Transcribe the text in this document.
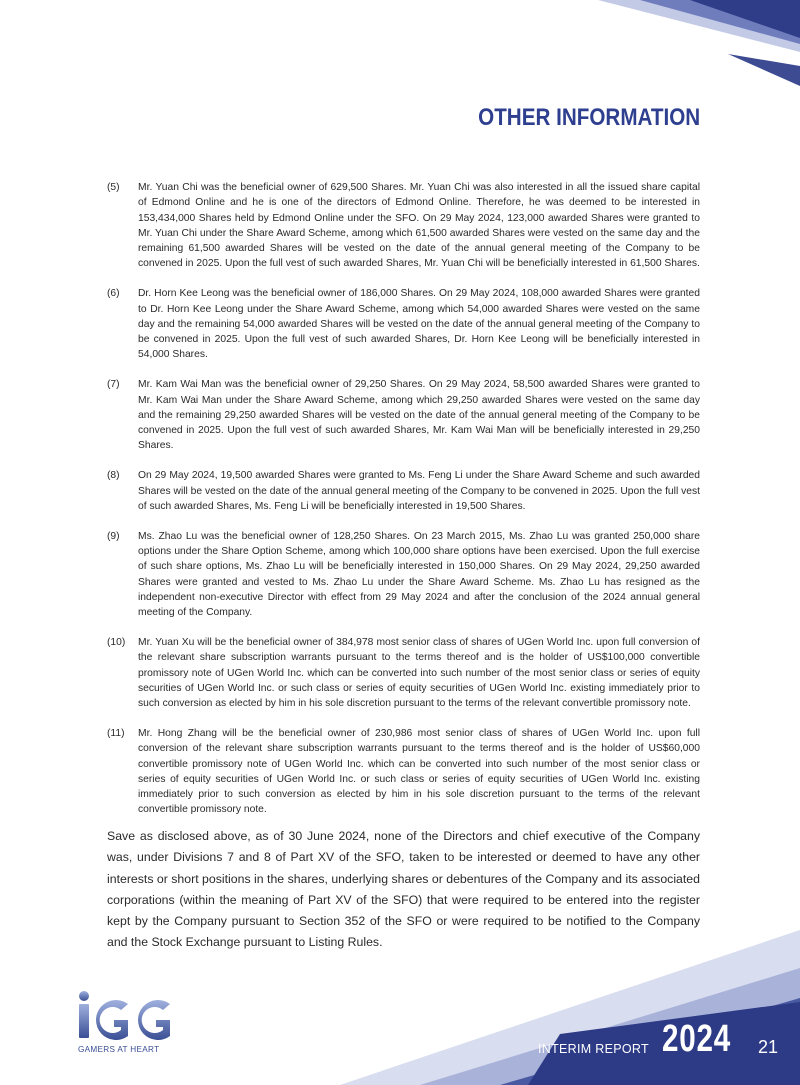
OTHER INFORMATION
(5)	Mr. Yuan Chi was the beneficial owner of 629,500 Shares. Mr. Yuan Chi was also interested in all the issued share capital of Edmond Online and he is one of the directors of Edmond Online. Therefore, he was deemed to be interested in 153,434,000 Shares held by Edmond Online under the SFO. On 29 May 2024, 123,000 awarded Shares were granted to Mr. Yuan Chi under the Share Award Scheme, among which 61,500 awarded Shares were vested on the same day and the remaining 61,500 awarded Shares will be vested on the date of the annual general meeting of the Company to be convened in 2025. Upon the full vest of such awarded Shares, Mr. Yuan Chi will be beneficially interested in 61,500 Shares.
(6)	Dr. Horn Kee Leong was the beneficial owner of 186,000 Shares. On 29 May 2024, 108,000 awarded Shares were granted to Dr. Horn Kee Leong under the Share Award Scheme, among which 54,000 awarded Shares were vested on the same day and the remaining 54,000 awarded Shares will be vested on the date of the annual general meeting of the Company to be convened in 2025. Upon the full vest of such awarded Shares, Dr. Horn Kee Leong will be beneficially interested in 54,000 Shares.
(7)	Mr. Kam Wai Man was the beneficial owner of 29,250 Shares. On 29 May 2024, 58,500 awarded Shares were granted to Mr. Kam Wai Man under the Share Award Scheme, among which 29,250 awarded Shares were vested on the same day and the remaining 29,250 awarded Shares will be vested on the date of the annual general meeting of the Company to be convened in 2025. Upon the full vest of such awarded Shares, Mr. Kam Wai Man will be beneficially interested in 29,250 Shares.
(8)	On 29 May 2024, 19,500 awarded Shares were granted to Ms. Feng Li under the Share Award Scheme and such awarded Shares will be vested on the date of the annual general meeting of the Company to be convened in 2025. Upon the full vest of such awarded Shares, Ms. Feng Li will be beneficially interested in 19,500 Shares.
(9)	Ms. Zhao Lu was the beneficial owner of 128,250 Shares. On 23 March 2015, Ms. Zhao Lu was granted 250,000 share options under the Share Option Scheme, among which 100,000 share options have been exercised. Upon the full exercise of such share options, Ms. Zhao Lu will be beneficially interested in 150,000 Shares. On 29 May 2024, 29,250 awarded Shares were granted and vested to Ms. Zhao Lu under the Share Award Scheme. Ms. Zhao Lu has resigned as the independent non-executive Director with effect from 29 May 2024 and after the conclusion of the 2024 annual general meeting of the Company.
(10)	Mr. Yuan Xu will be the beneficial owner of 384,978 most senior class of shares of UGen World Inc. upon full conversion of the relevant share subscription warrants pursuant to the terms thereof and is the holder of US$100,000 convertible promissory note of UGen World Inc. which can be converted into such number of the most senior class or series of equity securities of UGen World Inc. or such class or series of equity securities of UGen World Inc. existing immediately prior to such conversion as elected by him in his sole discretion pursuant to the terms of the relevant convertible promissory note.
(11)	Mr. Hong Zhang will be the beneficial owner of 230,986 most senior class of shares of UGen World Inc. upon full conversion of the relevant share subscription warrants pursuant to the terms thereof and is the holder of US$60,000 convertible promissory note of UGen World Inc. which can be converted into such number of the most senior class or series of equity securities of UGen World Inc. or such class or series of equity securities of UGen World Inc. existing immediately prior to such conversion as elected by him in his sole discretion pursuant to the terms of the relevant convertible promissory note.

Save as disclosed above, as of 30 June 2024, none of the Directors and chief executive of the Company was, under Divisions 7 and 8 of Part XV of the SFO, taken to be interested or deemed to have any other interests or short positions in the shares, underlying shares or debentures of the Company and its associated corporations (within the meaning of Part XV of the SFO) that were required to be entered into the register kept by the Company pursuant to Section 352 of the SFO or were required to be notified to the Company and the Stock Exchange pursuant to Listing Rules.

GAMERS AT HEART	INTERIM REPORT 2024 21
